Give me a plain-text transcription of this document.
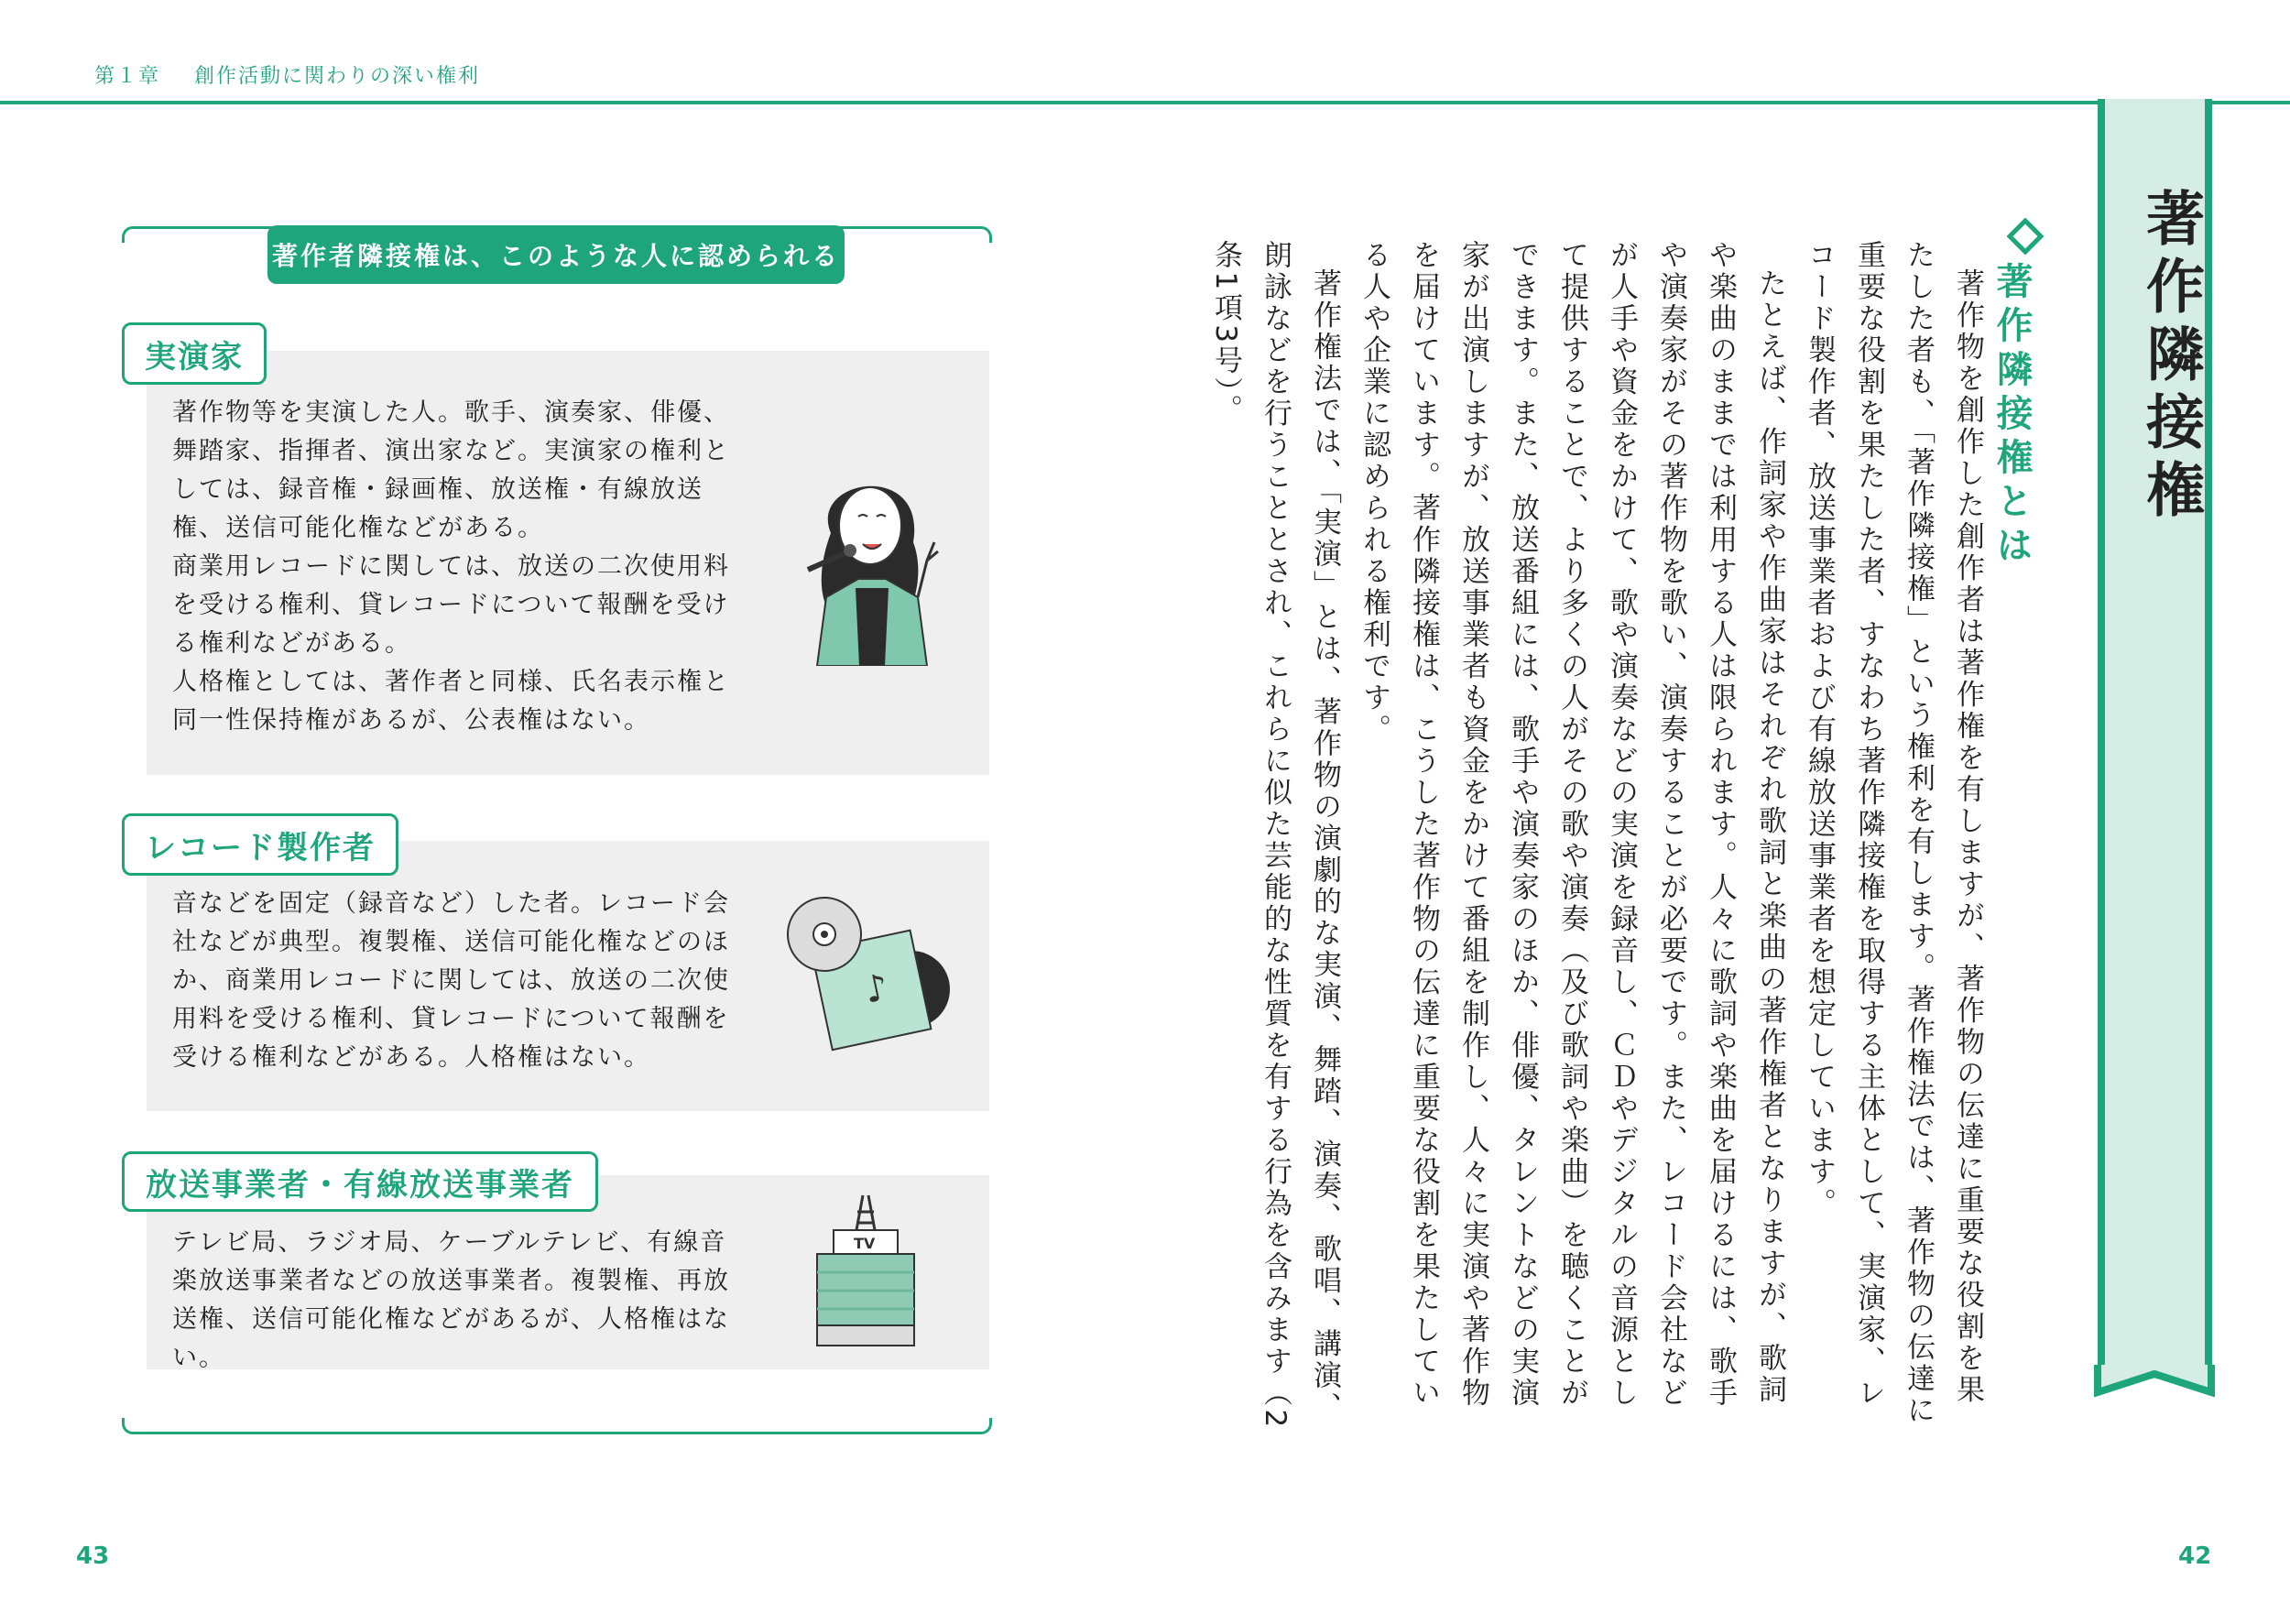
第１章 創作活動に関わりの深い権利
著作者隣接権は、このような人に認められる
実演家

著作物等を実演した人。歌手、演奏家、俳優、舞踏家、指揮者、演出家など。実演家の権利としては、録音権・録画権、放送権・有線放送権、送信可能化権などがある。

商業用レコードに関しては、放送の二次使用料を受ける権利、貸レコードについて報酬を受ける権利などがある。

人格権としては、著作者と同様、氏名表示権と同一性保持権があるが、公表権はない。

レコード製作者

音などを固定（録音など）した者。レコード会社などが典型。複製権、送信可能化権などのほか、商業用レコードに関しては、放送の二次使用料を受ける権利、貸レコードについて報酬を受ける権利などがある。人格権はない。

♪
放送事業者・有線放送事業者

テレビ局、ラジオ局、ケーブルテレビ、有線音楽放送事業者などの放送事業者。複製権、再放送権、送信可能化権などがあるが、人格権はない。

TV
43
著作隣接権
著作隣接権とは

著作物を創作した創作者は著作権を有しますが、著作物の伝達に重要な役割を果たした者も、「著作隣接権」という権利を有します。著作権法では、著作物の伝達に重要な役割を果たした者、すなわち著作隣接権を取得する主体として、実演家、レコード製作者、放送事業者および有線放送事業者を想定しています。

たとえば、作詞家や作曲家はそれぞれ歌詞と楽曲の著作権者となりますが、歌詞や楽曲のままでは利用する人は限られます。人々に歌詞や楽曲を届けるには、歌手や演奏家がその著作物を歌い、演奏することが必要です。また、レコード会社などが人手や資金をかけて、歌や演奏などの実演を録音し、ＣＤやデジタルの音源として提供することで、より多くの人がその歌や演奏（及び歌詞や楽曲）を聴くことができます。また、放送番組には、歌手や演奏家のほか、俳優、タレントなどの実演家が出演しますが、放送事業者も資金をかけて番組を制作し、人々に実演や著作物を届けています。著作隣接権は、こうした著作物の伝達に重要な役割を果たしている人や企業に認められる権利です。

著作権法では、「実演」とは、著作物の演劇的な実演、舞踏、演奏、歌唱、講演、朗詠などを行うこととされ、これらに似た芸能的な性質を有する行為を含みます（2条1項3号）。

42
